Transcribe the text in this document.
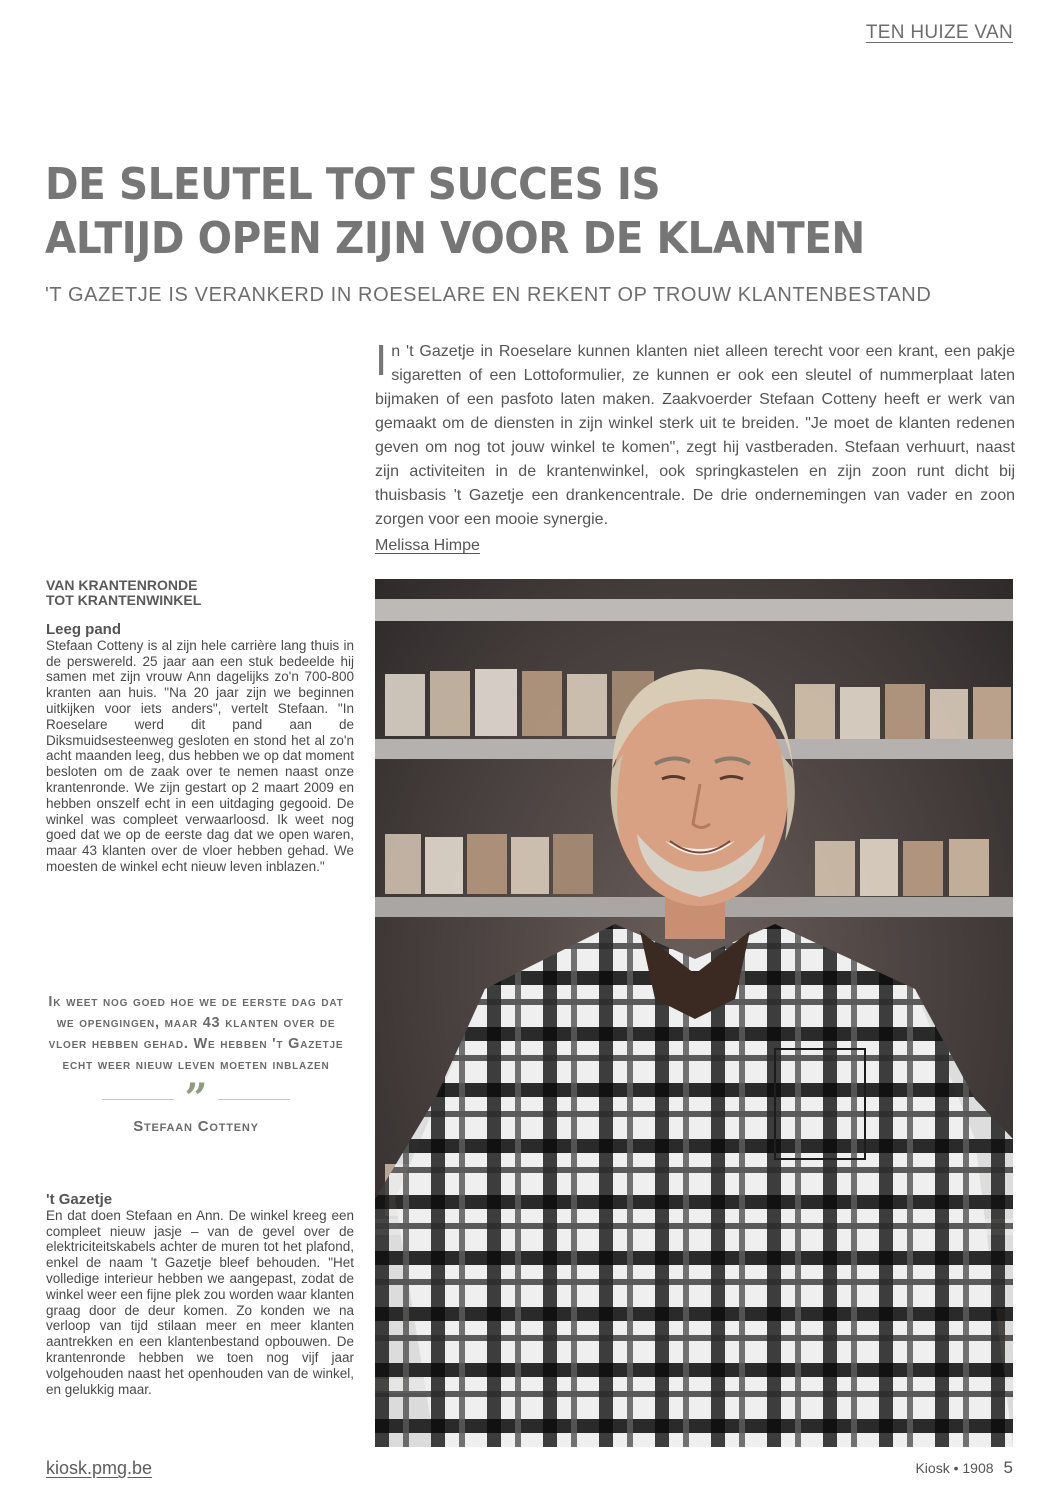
TEN HUIZE VAN
DE SLEUTEL TOT SUCCES IS
ALTIJD OPEN ZIJN VOOR DE KLANTEN
'T GAZETJE IS VERANKERD IN ROESELARE EN REKENT OP TROUW KLANTENBESTAND

In 't Gazetje in Roeselare kunnen klanten niet alleen terecht voor een krant, een pakje sigaretten of een Lottoformulier, ze kunnen er ook een sleutel of nummerplaat laten bijmaken of een pasfoto laten maken. Zaakvoerder Stefaan Cotteny heeft er werk van gemaakt om de diensten in zijn winkel sterk uit te breiden. "Je moet de klanten redenen geven om nog tot jouw winkel te komen", zegt hij vastberaden. Stefaan verhuurt, naast zijn activiteiten in de krantenwinkel, ook springkastelen en zijn zoon runt dicht bij thuisbasis 't Gazetje een drankencentrale. De drie ondernemingen van vader en zoon zorgen voor een mooie synergie.

Melissa Himpe
VAN KRANTENRONDE
TOT KRANTENWINKEL
Leeg pand

Stefaan Cotteny is al zijn hele carrière lang thuis in de perswereld. 25 jaar aan een stuk bedeelde hij samen met zijn vrouw Ann dagelijks zo'n 700-800 kranten aan huis. "Na 20 jaar zijn we beginnen uitkijken voor iets anders", vertelt Stefaan. "In Roeselare werd dit pand aan de Diksmuidsesteenweg gesloten en stond het al zo'n acht maanden leeg, dus hebben we op dat moment besloten om de zaak over te nemen naast onze krantenronde. We zijn gestart op 2 maart 2009 en hebben onszelf echt in een uitdaging gegooid. De winkel was compleet verwaarloosd. Ik weet nog goed dat we op de eerste dag dat we open waren, maar 43 klanten over de vloer hebben gehad. We moesten de winkel echt nieuw leven inblazen."

Ik weet nog goed hoe we de eerste dag dat we opengingen, maar 43 klanten over de vloer hebben gehad. We hebben 't Gazetje echt weer nieuw leven moeten inblazen

”

Stefaan Cotteny

't Gazetje

En dat doen Stefaan en Ann. De winkel kreeg een compleet nieuw jasje – van de gevel over de elektriciteitskabels achter de muren tot het plafond, enkel de naam 't Gazetje bleef behouden. "Het volledige interieur hebben we aangepast, zodat de winkel weer een fijne plek zou worden waar klanten graag door de deur komen. Zo konden we na verloop van tijd stilaan meer en meer klanten aantrekken en een klantenbestand opbouwen. De krantenronde hebben we toen nog vijf jaar volgehouden naast het openhouden van de winkel, en gelukkig maar.

kiosk.pmg.be	Kiosk • 1908 5
